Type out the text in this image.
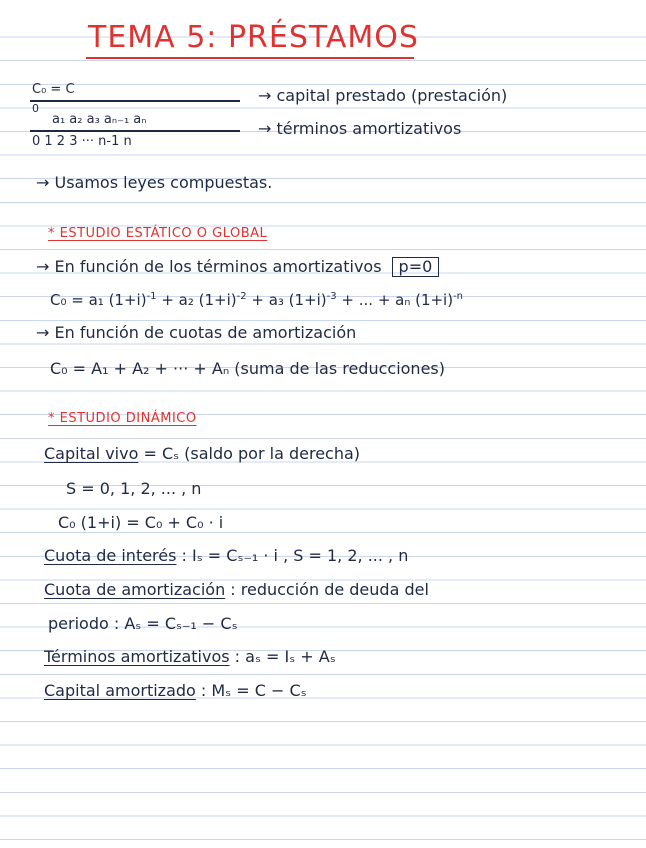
TEMA 5: PRÉSTAMOS
C₀ = C
0
a₁ a₂ a₃ aₙ₋₁ aₙ
0 1 2 3 ··· n-1 n
→ capital prestado (prestación)
→ términos amortizativos
→ Usamos leyes compuestas.
* ESTUDIO ESTÁTICO O GLOBAL
→ En función de los términos amortizativos p=0
C₀ = a₁ $(1+i)^{-1} + a_2$ $(1+i)^{-2} + a_3$ $(1+i)^{-3}$ + ... + aₙ $(1+i)^{-n}$
→ En función de cuotas de amortización
C₀ = A₁ + A₂ + ··· + Aₙ (suma de las reducciones)
* ESTUDIO DINÁMICO
Capital vivo = Cₛ (saldo por la derecha)
S = 0, 1, 2, ... , n
C₀ (1+i) = C₀ + C₀ · i
Cuota de interés : Iₛ = Cₛ₋₁ · i , S = 1, 2, ... , n
Cuota de amortización : reducción de deuda del
periodo : Aₛ = Cₛ₋₁ − Cₛ
Términos amortizativos : aₛ = Iₛ + Aₛ
Capital amortizado : Mₛ = C − Cₛ
